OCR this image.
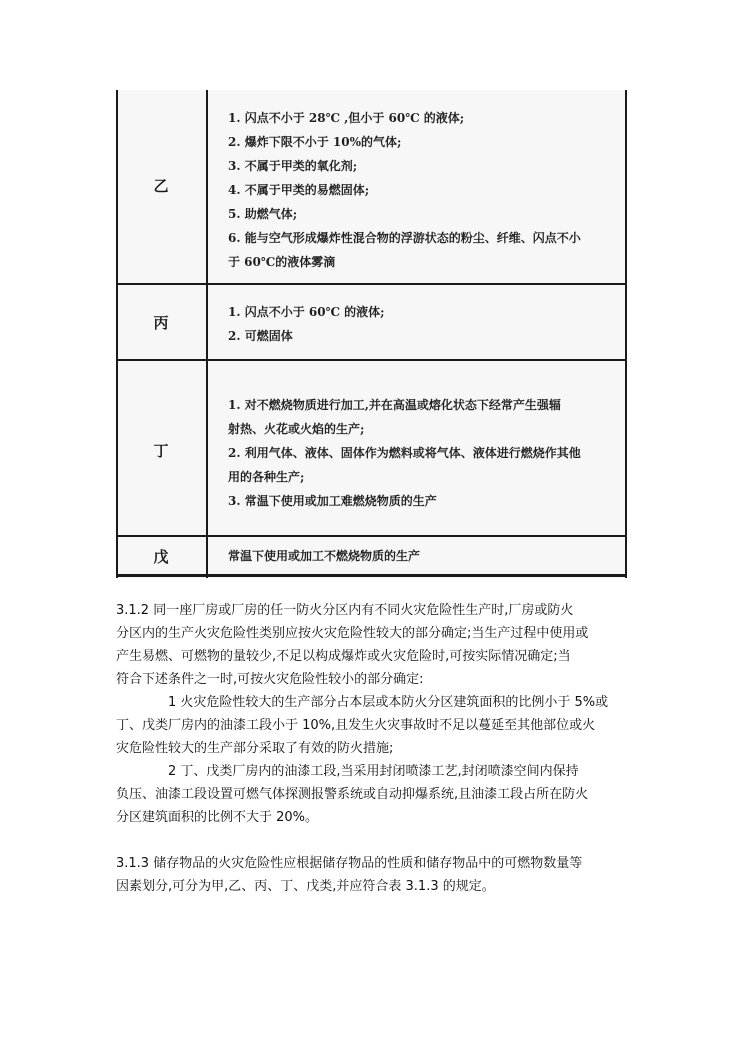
乙
1. 闪点不小于 28℃ ,但小于 60℃ 的液体;
2. 爆炸下限不小于 10%的气体;
3. 不属于甲类的氧化剂;
4. 不属于甲类的易燃固体;
5. 助燃气体;
6. 能与空气形成爆炸性混合物的浮游状态的粉尘、纤维、闪点不小
于 60℃的液体雾滴
丙
1. 闪点不小于 60℃ 的液体;
2. 可燃固体
丁
1. 对不燃烧物质进行加工,并在高温或熔化状态下经常产生强辐
射热、火花或火焰的生产;
2. 利用气体、液体、固体作为燃料或将气体、液体进行燃烧作其他
用的各种生产;
3. 常温下使用或加工难燃烧物质的生产
戊	常温下使用或加工不燃烧物质的生产
3.1.2 同一座厂房或厂房的任一防火分区内有不同火灾危险性生产时,厂房或防火
分区内的生产火灾危险性类别应按火灾危险性较大的部分确定;当生产过程中使用或
产生易燃、可燃物的量较少,不足以构成爆炸或火灾危险时,可按实际情况确定;当
符合下述条件之一时,可按火灾危险性较小的部分确定:
1 火灾危险性较大的生产部分占本层或本防火分区建筑面积的比例小于 5%或
丁、戊类厂房内的油漆工段小于 10%,且发生火灾事故时不足以蔓延至其他部位或火
灾危险性较大的生产部分采取了有效的防火措施;
2 丁、戊类厂房内的油漆工段,当采用封闭喷漆工艺,封闭喷漆空间内保持
负压、油漆工段设置可燃气体探测报警系统或自动抑爆系统,且油漆工段占所在防火
分区建筑面积的比例不大于 20%。
3.1.3 储存物品的火灾危险性应根据储存物品的性质和储存物品中的可燃物数量等
因素划分,可分为甲,乙、丙、丁、戊类,并应符合表 3.1.3 的规定。
